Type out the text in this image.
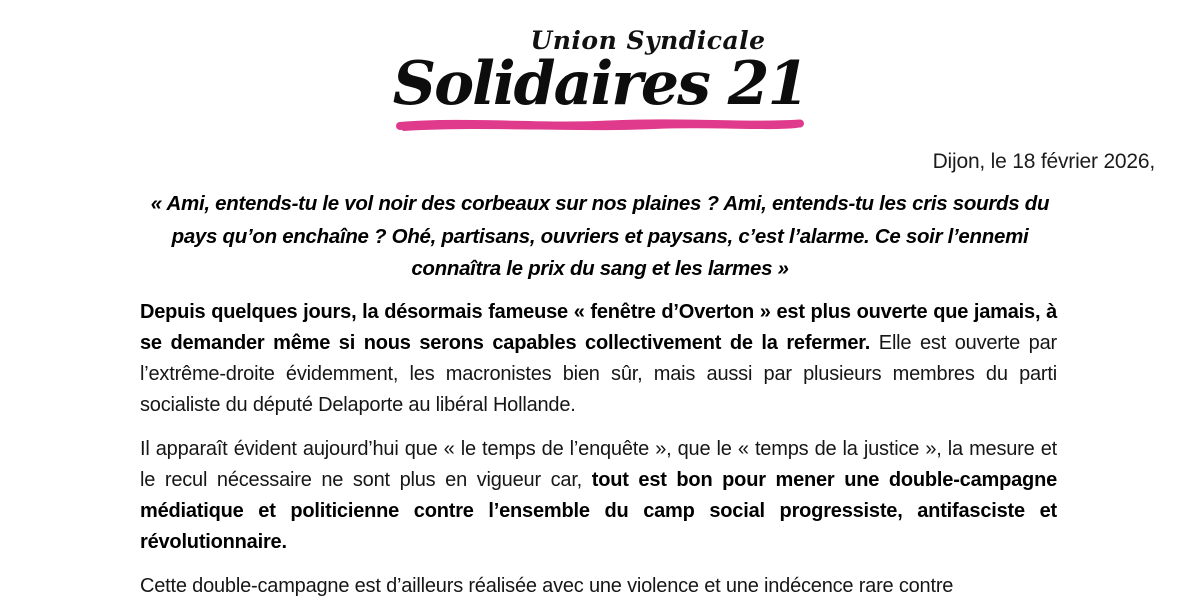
Union Syndicale
Solidaires 21
Dijon, le 18 février 2026,
« Ami, entends-tu le vol noir des corbeaux sur nos plaines ? Ami, entends-tu les cris sourds du
pays qu’on enchaîne ? Ohé, partisans, ouvriers et paysans, c’est l’alarme. Ce soir l’ennemi
connaîtra le prix du sang et les larmes »

Depuis quelques jours, la désormais fameuse « fenêtre d’Overton » est plus ouverte que jamais, à se demander même si nous serons capables collectivement de la refermer. Elle est ouverte par l’extrême-droite évidemment, les macronistes bien sûr, mais aussi par plusieurs membres du parti socialiste du député Delaporte au libéral Hollande.

Il apparaît évident aujourd’hui que « le temps de l’enquête », que le « temps de la justice », la mesure et le recul nécessaire ne sont plus en vigueur car, tout est bon pour mener une double-campagne médiatique et politicienne contre l’ensemble du camp social progressiste, antifasciste et révolutionnaire.

Cette double-campagne est d’ailleurs réalisée avec une violence et une indécence rare contre
